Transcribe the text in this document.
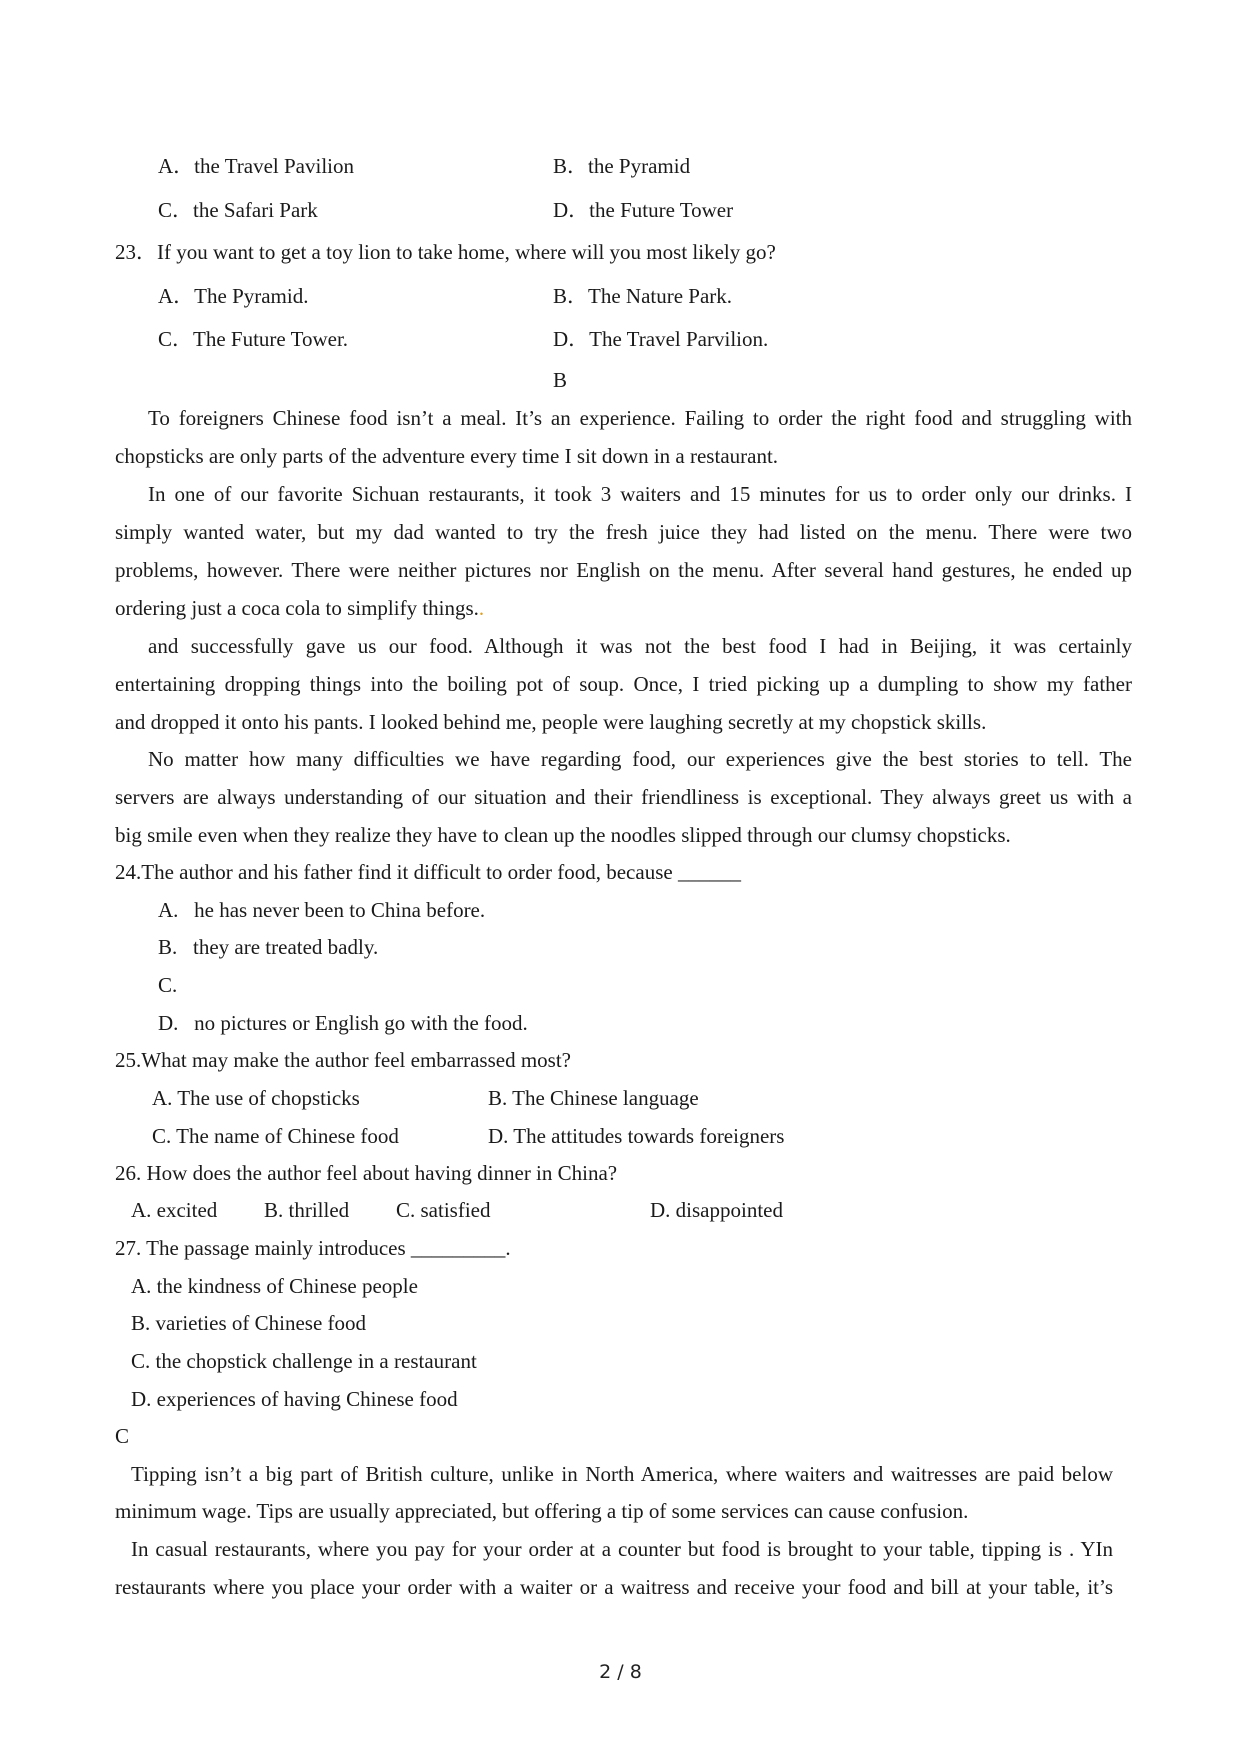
A．the Travel Pavilion	B．the Pyramid
C．the Safari Park	D．the Future Tower
23．If you want to get a toy lion to take home, where will you most likely go?
A．The Pyramid.	B．The Nature Park.
C．The Future Tower.	D．The Travel Parvilion.
B
To foreigners Chinese food isn’t a meal. It’s an experience. Failing to order the right food and struggling with
chopsticks are only parts of the adventure every time I sit down in a restaurant.
In one of our favorite Sichuan restaurants, it took 3 waiters and 15 minutes for us to order only our drinks. I
simply wanted water, but my dad wanted to try the fresh juice they had listed on the menu. There were two
problems, however. There were neither pictures nor English on the menu. After several hand gestures, he ended up
ordering just a coca cola to simplify things..
and successfully gave us our food. Although it was not the best food I had in Beijing, it was certainly
entertaining dropping things into the boiling pot of soup. Once, I tried picking up a dumpling to show my father
and dropped it onto his pants. I looked behind me, people were laughing secretly at my chopstick skills.
No matter how many difficulties we have regarding food, our experiences give the best stories to tell. The
servers are always understanding of our situation and their friendliness is exceptional. They always greet us with a
big smile even when they realize they have to clean up the noodles slipped through our clumsy chopsticks.
24.The author and his father find it difficult to order food, because ______
A.   he has never been to China before.
B.   they are treated badly.
C.
D.   no pictures or English go with the food.
25.What may make the author feel embarrassed most?
A. The use of chopsticks	B. The Chinese language
C. The name of Chinese food	D. The attitudes towards foreigners
26. How does the author feel about having dinner in China?
A. excited B. thrilled C. satisfied	D. disappointed
27. The passage mainly introduces _________.
A. the kindness of Chinese people
B. varieties of Chinese food
C. the chopstick challenge in a restaurant
D. experiences of having Chinese food
C
Tipping isn’t a big part of British culture, unlike in North America, where waiters and waitresses are paid below
minimum wage. Tips are usually appreciated, but offering a tip of some services can cause confusion.
In casual restaurants, where you pay for your order at a counter but food is brought to your table, tipping is . YIn
restaurants where you place your order with a waiter or a waitress and receive your food and bill at your table, it’s
2 / 8
